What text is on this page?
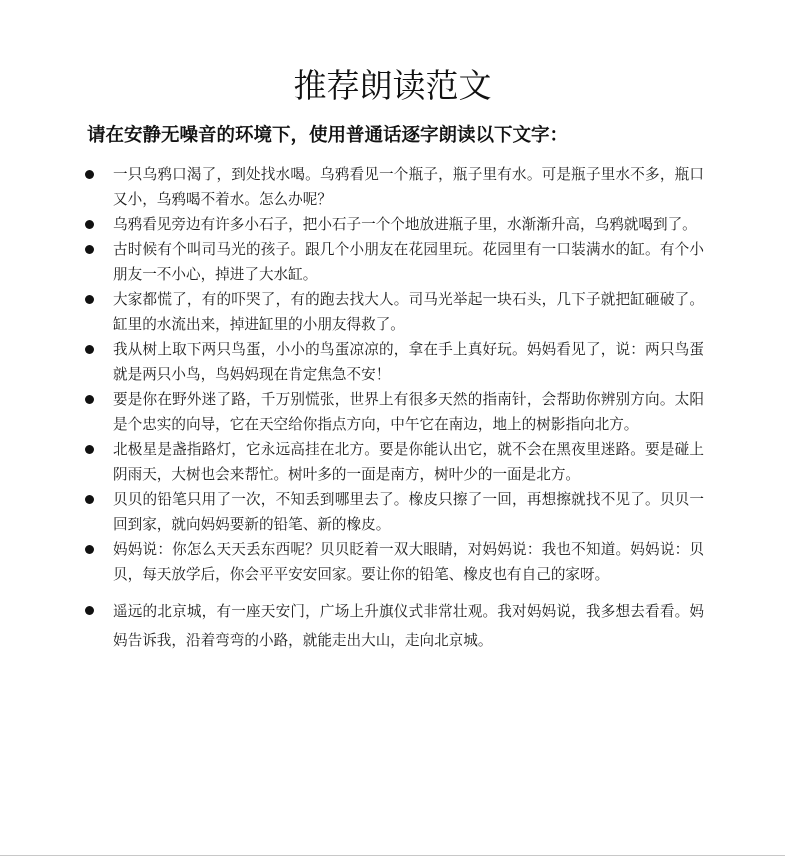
推荐朗读范文

请在安静无噪音的环境下，使用普通话逐字朗读以下文字：

一只乌鸦口渴了，到处找水喝。乌鸦看见一个瓶子，瓶子里有水。可是瓶子里水不多，瓶口又小，乌鸦喝不着水。怎么办呢？
乌鸦看见旁边有许多小石子，把小石子一个个地放进瓶子里，水渐渐升高，乌鸦就喝到了。
古时候有个叫司马光的孩子。跟几个小朋友在花园里玩。花园里有一口装满水的缸。有个小朋友一不小心，掉进了大水缸。
大家都慌了，有的吓哭了，有的跑去找大人。司马光举起一块石头，几下子就把缸砸破了。缸里的水流出来，掉进缸里的小朋友得救了。
我从树上取下两只鸟蛋，小小的鸟蛋凉凉的，拿在手上真好玩。妈妈看见了，说：两只鸟蛋就是两只小鸟，鸟妈妈现在肯定焦急不安！
要是你在野外迷了路，千万别慌张，世界上有很多天然的指南针，会帮助你辨别方向。太阳是个忠实的向导，它在天空给你指点方向，中午它在南边，地上的树影指向北方。
北极星是盏指路灯，它永远高挂在北方。要是你能认出它，就不会在黑夜里迷路。要是碰上阴雨天，大树也会来帮忙。树叶多的一面是南方，树叶少的一面是北方。
贝贝的铅笔只用了一次，不知丢到哪里去了。橡皮只擦了一回，再想擦就找不见了。贝贝一回到家，就向妈妈要新的铅笔、新的橡皮。
妈妈说：你怎么天天丢东西呢？贝贝眨着一双大眼睛，对妈妈说：我也不知道。妈妈说：贝贝，每天放学后，你会平平安安回家。要让你的铅笔、橡皮也有自己的家呀。
遥远的北京城，有一座天安门，广场上升旗仪式非常壮观。我对妈妈说，我多想去看看。妈妈告诉我，沿着弯弯的小路，就能走出大山，走向北京城。
